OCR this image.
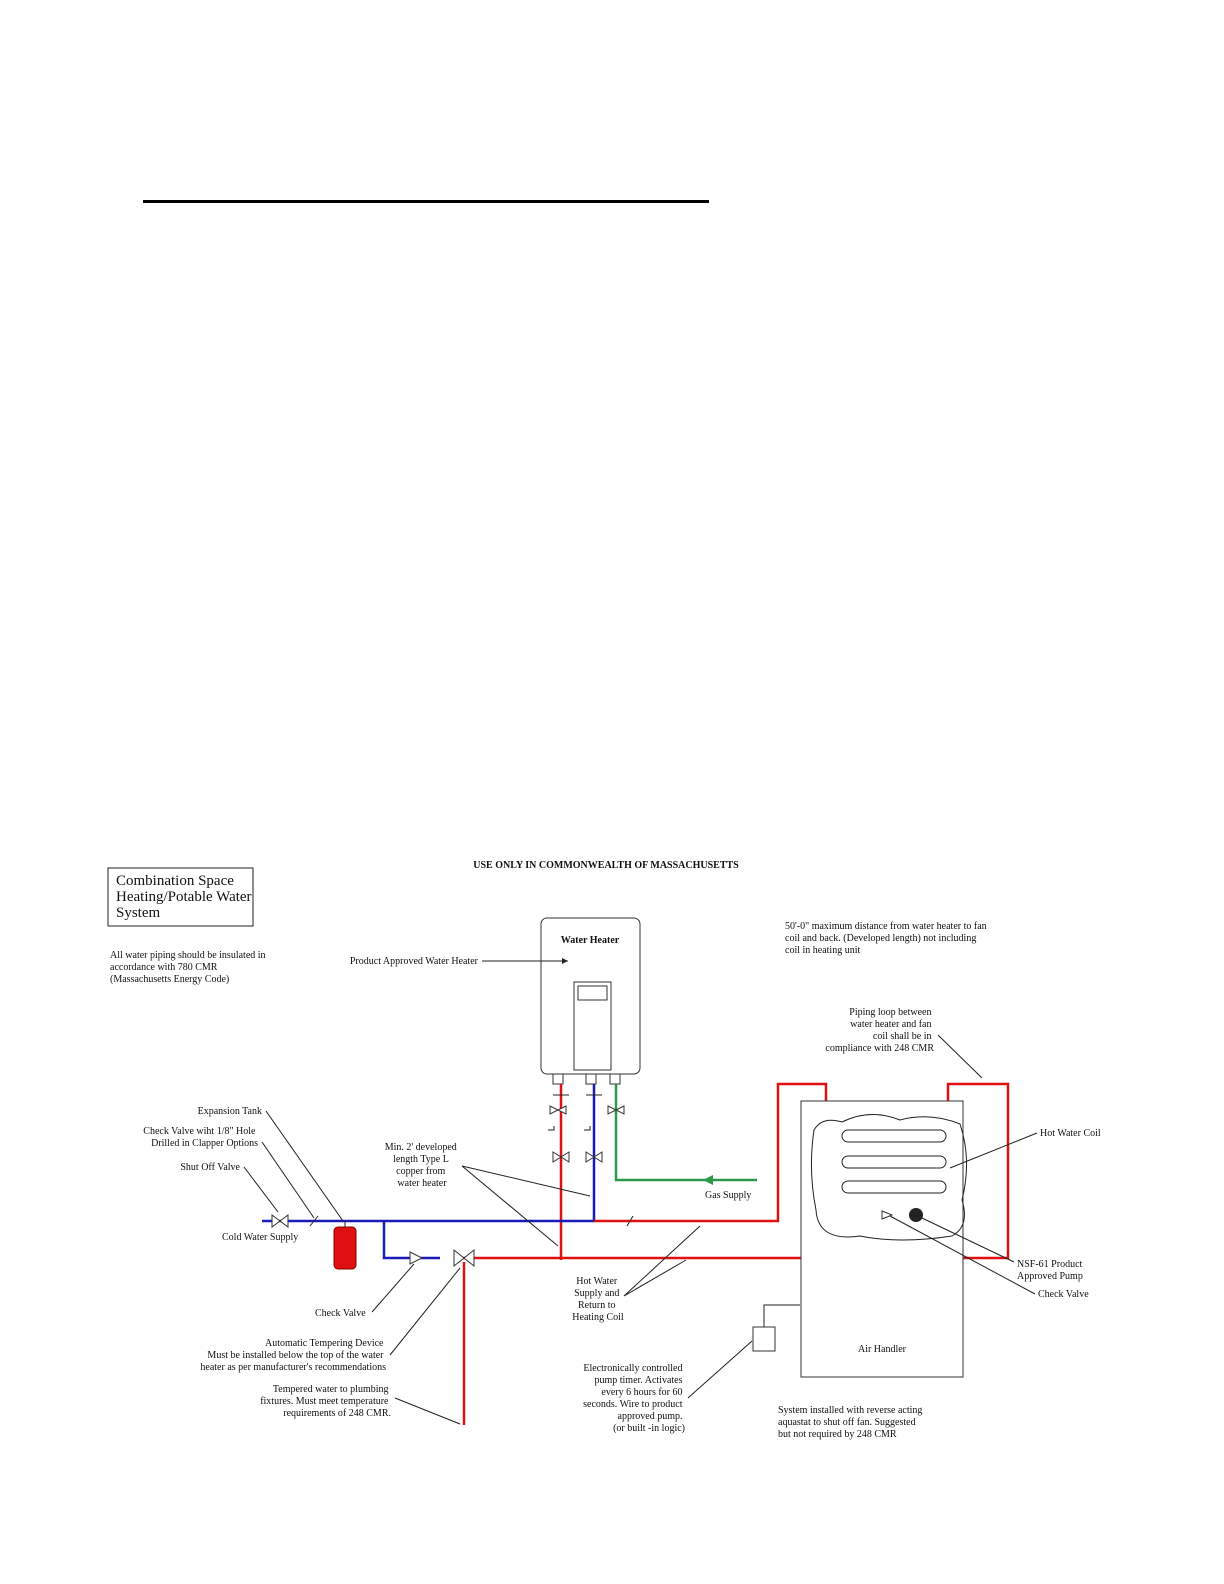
USE ONLY IN COMMONWEALTH OF MASSACHUSETTS
Combination Space Heating/Potable Water System
All water piping should be insulated in accordance with 780 CMR (Massachusetts Energy Code)
50'-0" maximum distance from water heater to fan coil and back. (Developed length) not including coil in heating unit
Piping loop between water heater and fan coil shall be in compliance with 248 CMR
Water Heater
Product Approved Water Heater
Gas Supply
Expansion Tank
Check Valve wiht 1/8" Hole Drilled in Clapper Options
Shut Off Valve
Cold Water Supply
Min. 2' developed length Type L copper from water heater
Check Valve
Automatic Tempering Device Must be installed below the top of the water heater as per manufacturer's recommendations
Tempered water to plumbing fixtures. Must meet temperature requirements of 248 CMR.
Hot Water Supply and Return to Heating Coil
Air Handler
Hot Water Coil
NSF-61 Product Approved Pump
Check Valve
Electronically controlled pump timer. Activates every 6 hours for 60 seconds. Wire to product approved pump. (or built -in logic)
System installed with reverse acting aquastat to shut off fan. Suggested but not required by 248 CMR
